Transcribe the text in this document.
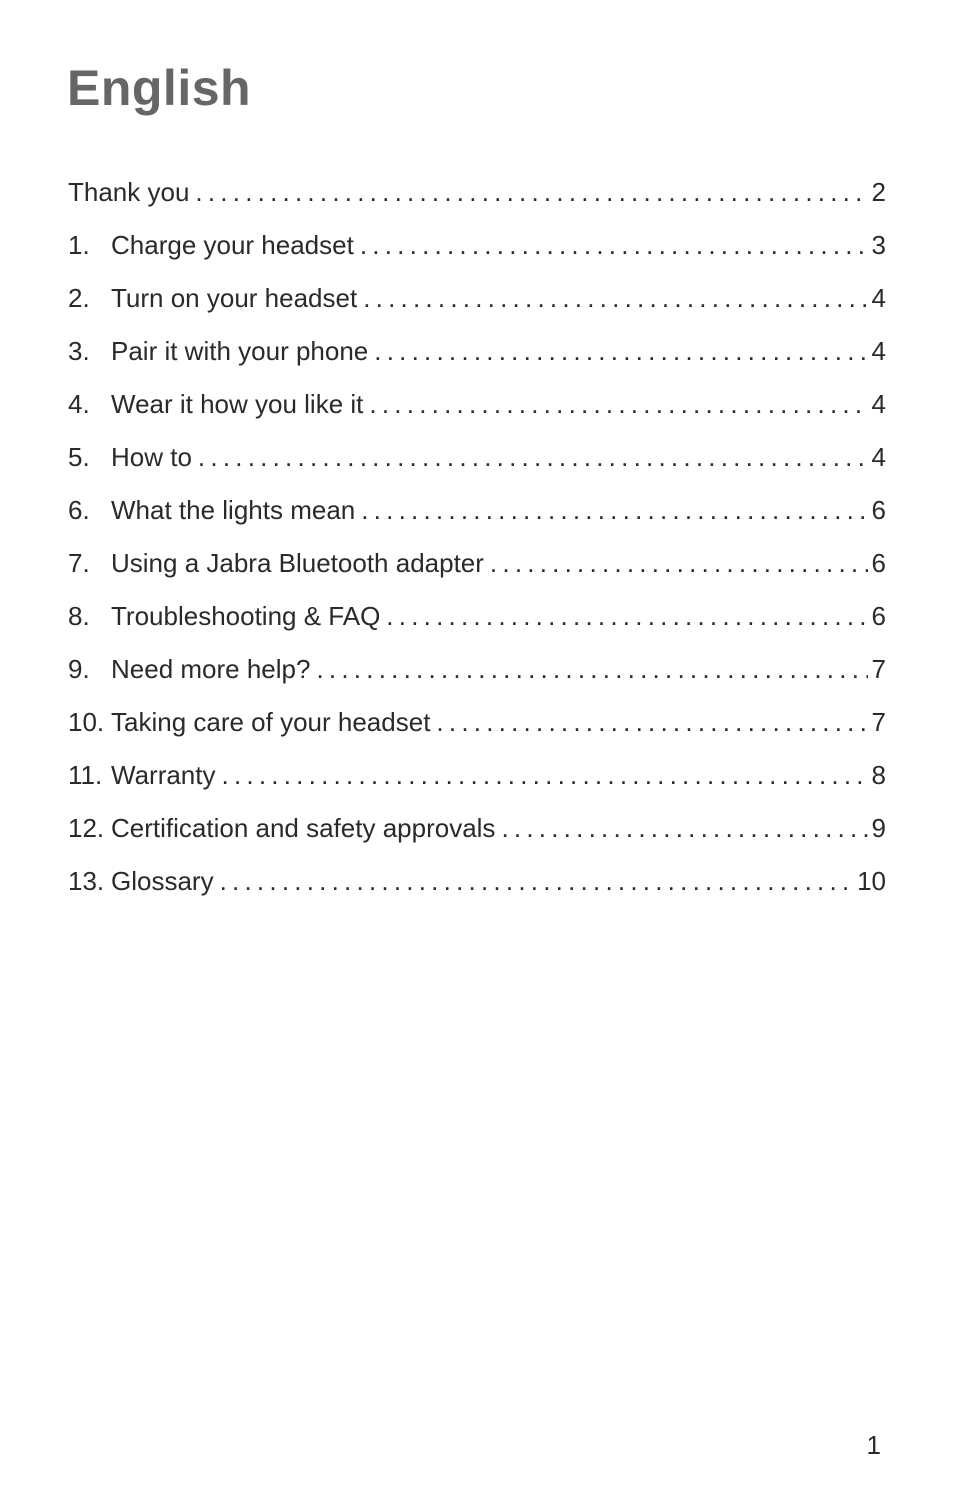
English
Thank you . . .	2
1. Charge your headset . . .	3
2. Turn on your headset . . .	4
3. Pair it with your phone . . .	4
4. Wear it how you like it . . .	4
5. How to . . .	4
6. What the lights mean . . .	6
7. Using a Jabra Bluetooth adapter . . .	6
8. Troubleshooting & FAQ . . .	6
9. Need more help? . . .	7
10. Taking care of your headset . . .	7
11. Warranty . . .	8
12. Certification and safety approvals . . .	9
13. Glossary . . .	10
1
